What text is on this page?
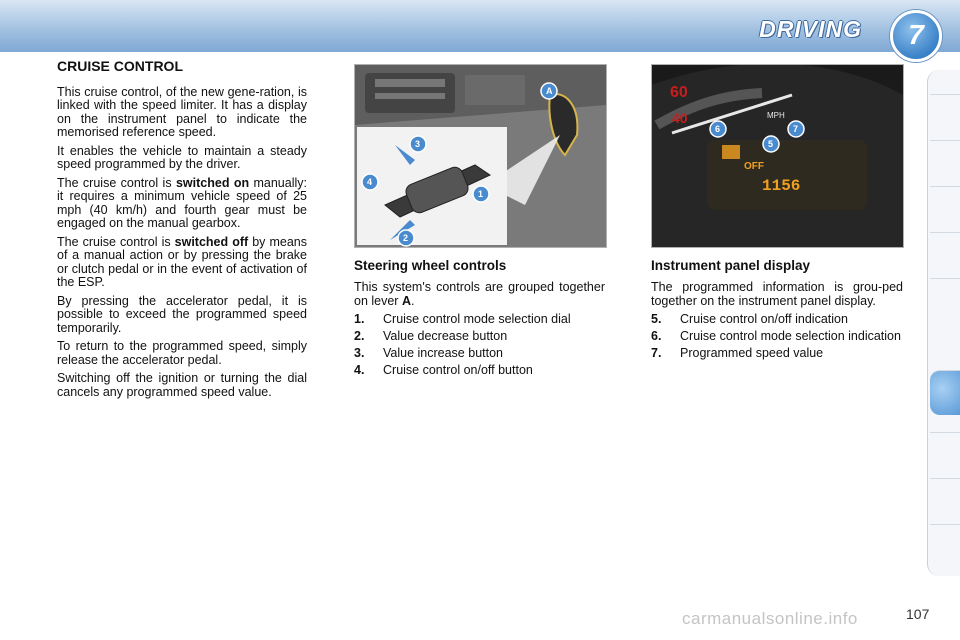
DRIVING	7
CRUISE CONTROL

This cruise control, of the new gene-ration, is linked with the speed limiter. It has a display on the instrument panel to indicate the memorised reference speed.

It enables the vehicle to maintain a steady speed programmed by the driver.

The cruise control is switched on manually: it requires a minimum vehicle speed of 25 mph (40 km/h) and fourth gear must be engaged on the manual gearbox.

The cruise control is switched off by means of a manual action or by pressing the brake or clutch pedal or in the event of activation of the ESP.

By pressing the accelerator pedal, it is possible to exceed the programmed speed temporarily.

To return to the programmed speed, simply release the accelerator pedal.

Switching off the ignition or turning the dial cancels any programmed speed value.

A
3
4
1
2
60
40	MPH
OFF
1156
6
5
7
Steering wheel controls

This system's controls are grouped together on lever A.

1.	Cruise control mode selection dial
2.	Value decrease button
3.	Value increase button
4.	Cruise control on/off button
Instrument panel display

The programmed information is grou-ped together on the instrument panel display.

5.	Cruise control on/off indication
6.	Cruise control mode selection indication
7.	Programmed speed value
carmanualsonline.info	107
